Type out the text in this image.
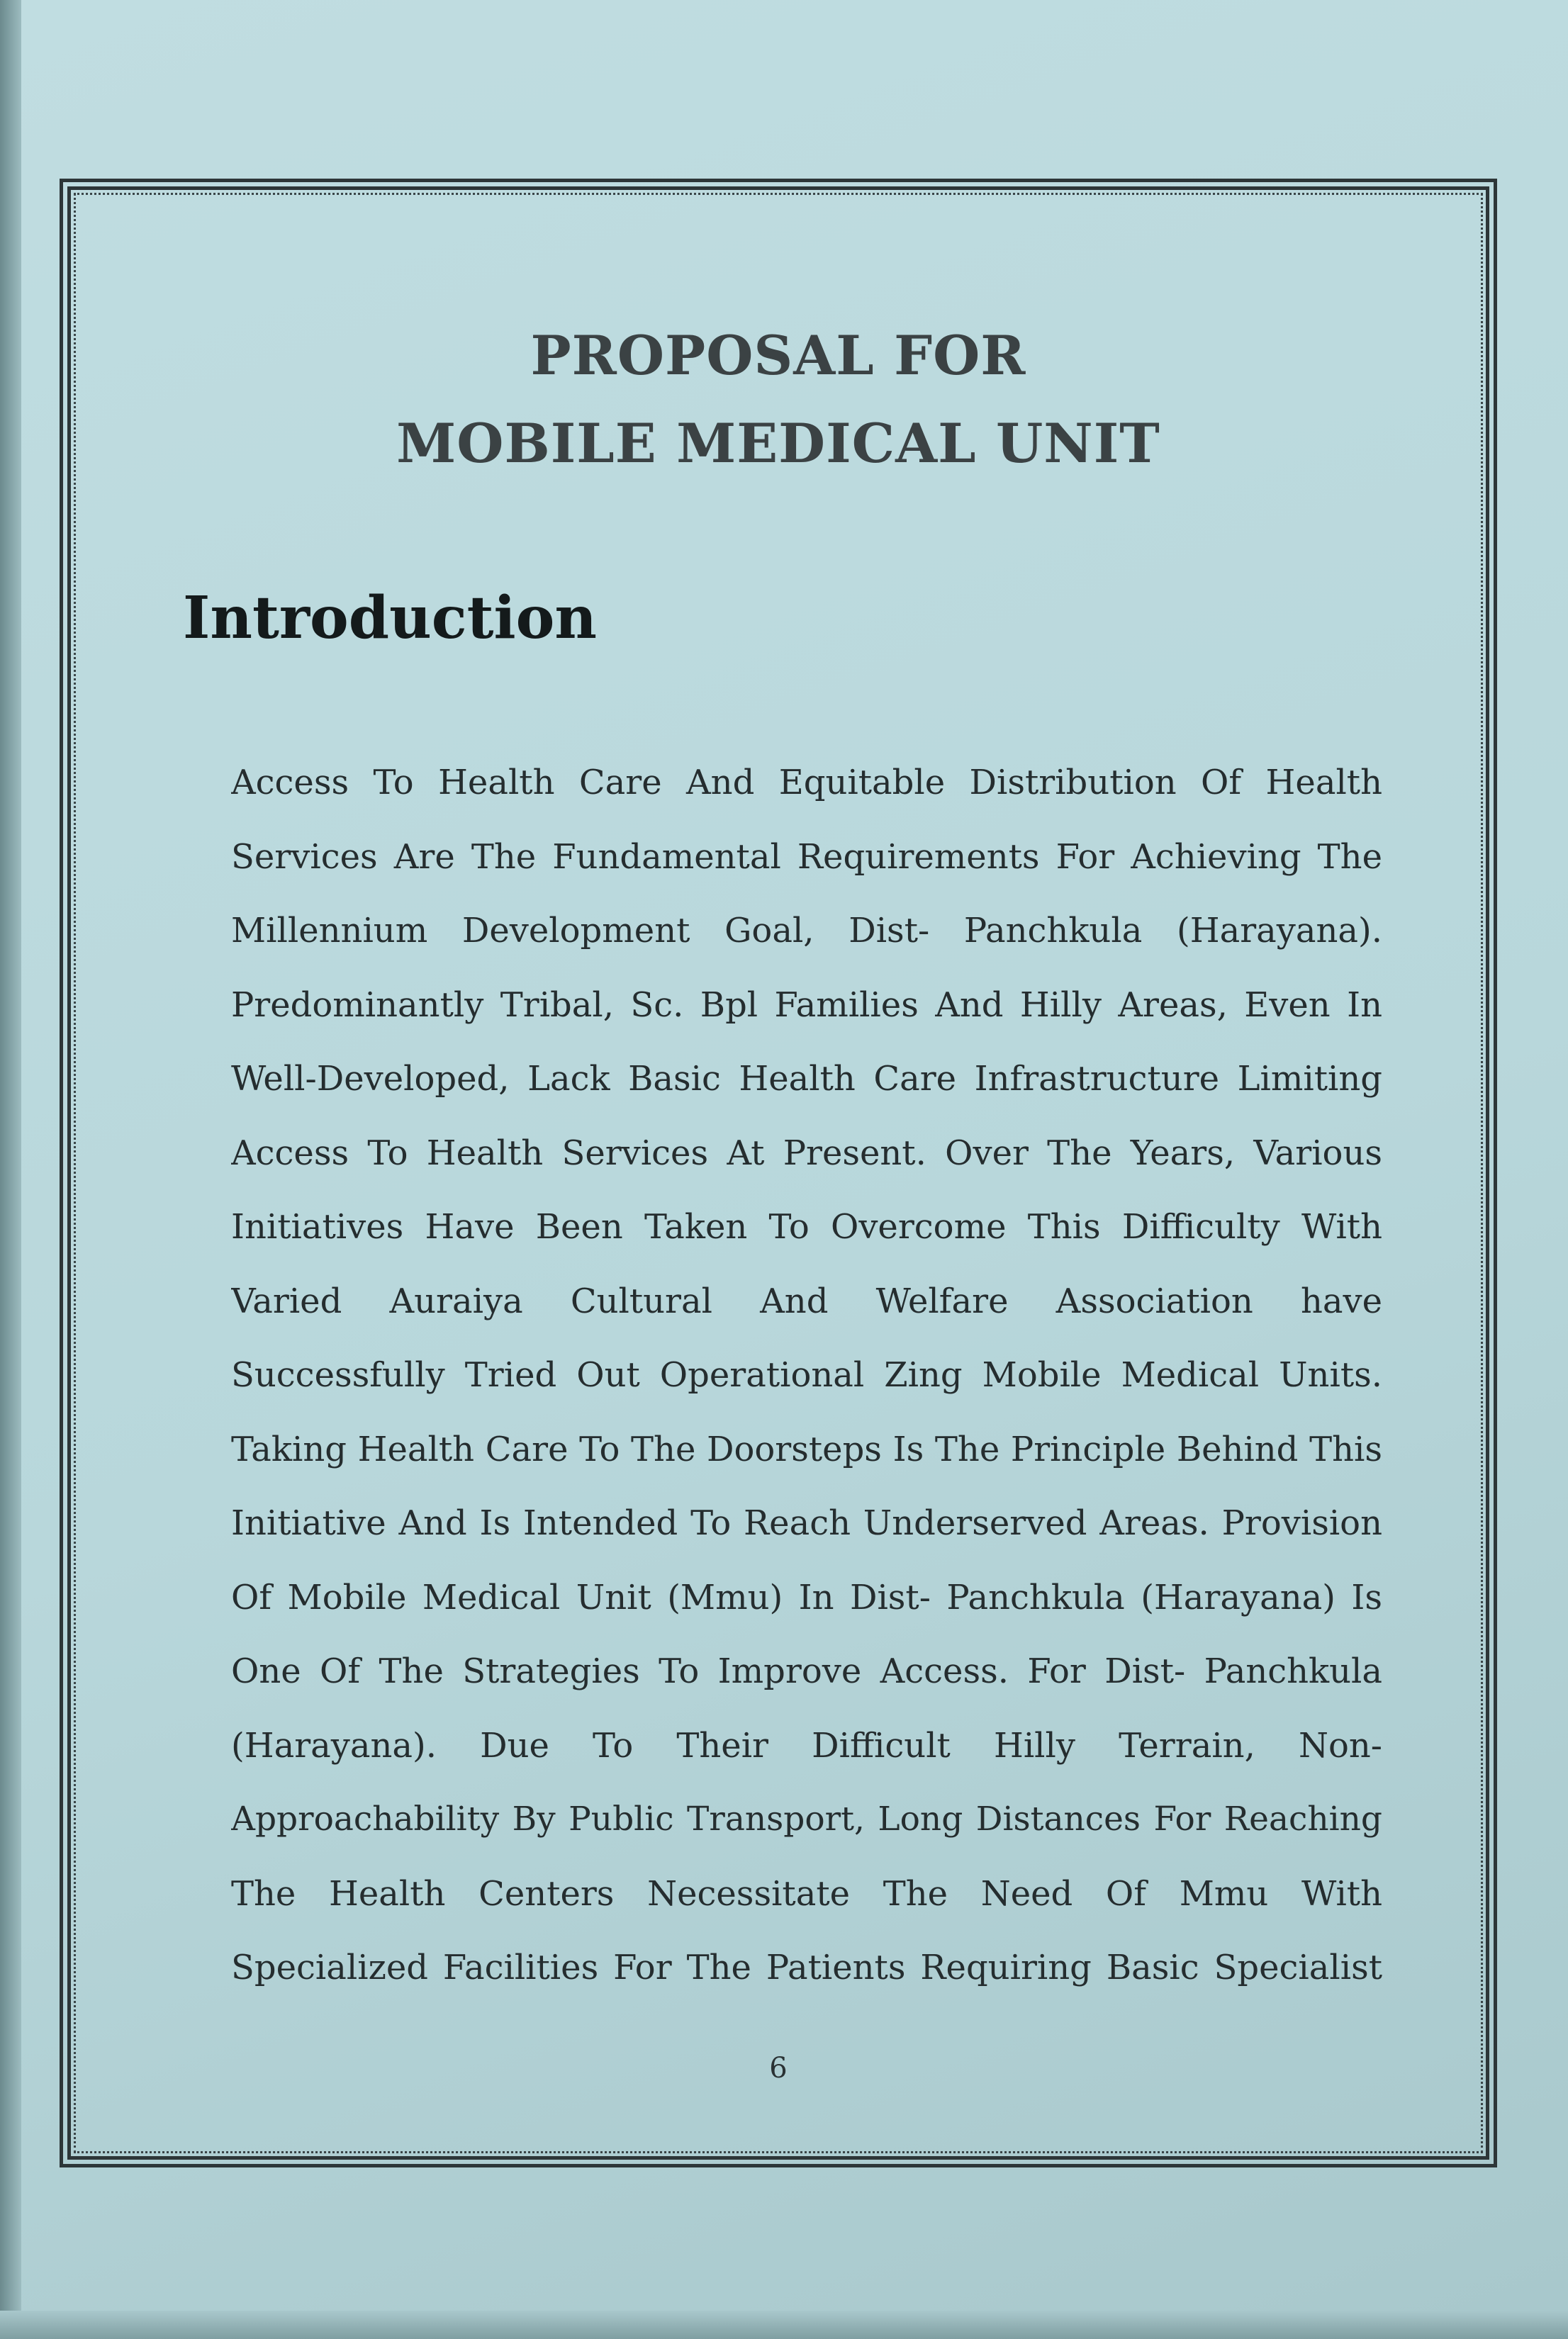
PROPOSAL FOR
MOBILE MEDICAL UNIT
Introduction
Access To Health Care And Equitable Distribution Of Health
Services Are The Fundamental Requirements For Achieving The
Millennium Development Goal, Dist- Panchkula (Harayana).
Predominantly Tribal, Sc. Bpl Families And Hilly Areas, Even In
Well-Developed, Lack Basic Health Care Infrastructure Limiting
Access To Health Services At Present. Over The Years, Various
Initiatives Have Been Taken To Overcome This Difficulty With
Varied Auraiya Cultural And Welfare Association have
Successfully Tried Out Operational Zing Mobile Medical Units.
Taking Health Care To The Doorsteps Is The Principle Behind This
Initiative And Is Intended To Reach Underserved Areas. Provision
Of Mobile Medical Unit (Mmu) In Dist- Panchkula (Harayana) Is
One Of The Strategies To Improve Access. For Dist- Panchkula
(Harayana). Due To Their Difficult Hilly Terrain, Non-
Approachability By Public Transport, Long Distances For Reaching
The Health Centers Necessitate The Need Of Mmu With
Specialized Facilities For The Patients Requiring Basic Specialist
6
